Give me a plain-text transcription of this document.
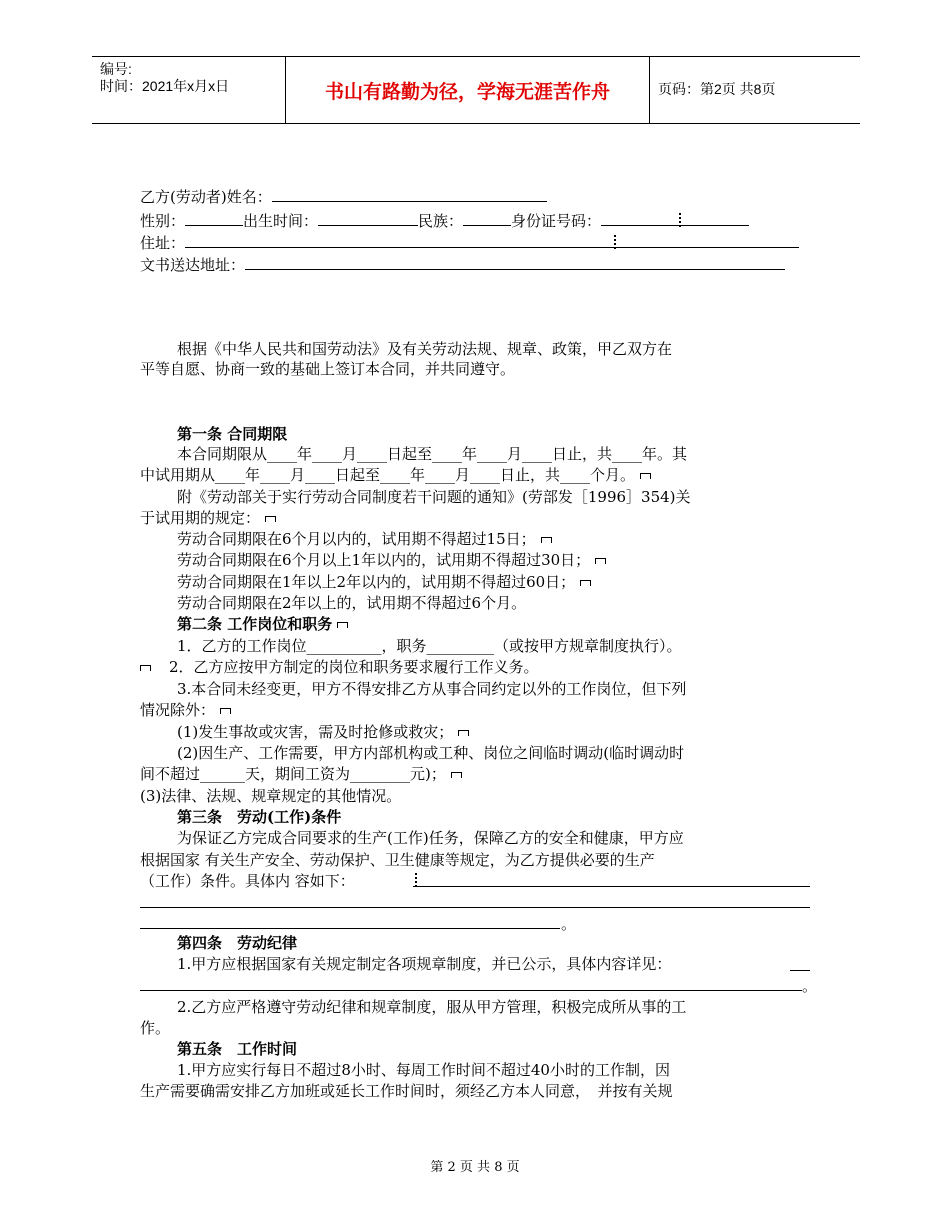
编号:
时间：2021年x月x日	书山有路勤为径，学海无涯苦作舟	页码：第2页 共8页
乙方(劳动者)姓名：
性别：	出生时间：	民族：	身份证号码：
住址：
文书送达地址：
根据《中华人民共和国劳动法》及有关劳动法规、规章、政策，甲乙双方在
平等自愿、协商一致的基础上签订本合同，并共同遵守。
第一条 合同期限
本合同期限从____年____月____日起至____年____月____日止，共____年。其
中试用期从____年____月____日起至____年____月____日止，共____个月。
附《劳动部关于实行劳动合同制度若干问题的通知》(劳部发［1996］354)关
于试用期的规定：
劳动合同期限在6个月以内的，试用期不得超过15日；
劳动合同期限在6个月以上1年以内的，试用期不得超过30日；
劳动合同期限在1年以上2年以内的，试用期不得超过60日；
劳动合同期限在2年以上的，试用期不得超过6个月。
第二条 工作岗位和职务
1．乙方的工作岗位__________，职务_________（或按甲方规章制度执行）。
2．乙方应按甲方制定的岗位和职务要求履行工作义务。
3.本合同未经变更，甲方不得安排乙方从事合同约定以外的工作岗位，但下列
情况除外：
(1)发生事故或灾害，需及时抢修或救灾；
(2)因生产、工作需要，甲方内部机构或工种、岗位之间临时调动(临时调动时
间不超过______天，期间工资为________元)；
(3)法律、法规、规章规定的其他情况。
第三条　劳动(工作)条件
为保证乙方完成合同要求的生产(工作)任务，保障乙方的安全和健康，甲方应
根据国家 有关生产安全、劳动保护、卫生健康等规定，为乙方提供必要的生产
（工作）条件。具体内 容如下：
。
第四条　劳动纪律
1.甲方应根据国家有关规定制定各项规章制度，并已公示，具体内容详见：
。
2.乙方应严格遵守劳动纪律和规章制度，服从甲方管理，积极完成所从事的工
作。
第五条　工作时间
1.甲方应实行每日不超过8小时、每周工作时间不超过40小时的工作制，因
生产需要确需安排乙方加班或延长工作时间时，须经乙方本人同意，　并按有关规
第 2 页 共 8 页
